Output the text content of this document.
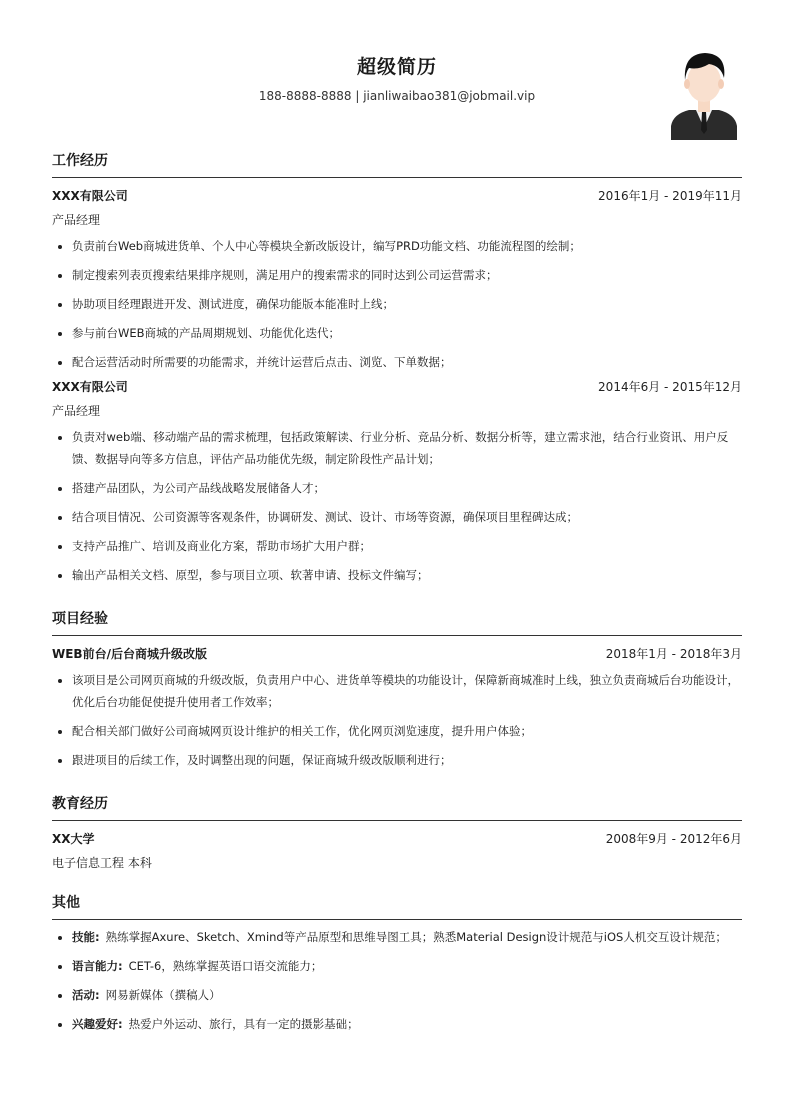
超级简历
188-8888-8888 | jianliwaibao381@jobmail.vip
工作经历
XXX有限公司	2016年1月 - 2019年11月
产品经理
• 负责前台Web商城进货单、个人中心等模块全新改版设计，编写PRD功能文档、功能流程图的绘制；
• 制定搜索列表页搜索结果排序规则，满足用户的搜索需求的同时达到公司运营需求；
• 协助项目经理跟进开发、测试进度，确保功能版本能准时上线；
• 参与前台WEB商城的产品周期规划、功能优化迭代；
• 配合运营活动时所需要的功能需求，并统计运营后点击、浏览、下单数据；
XXX有限公司	2014年6月 - 2015年12月
产品经理
• 负责对web端、移动端产品的需求梳理，包括政策解读、行业分析、竞品分析、数据分析等，建立需求池，结合行业资讯、用户反馈、数据导向等多方信息，评估产品功能优先级，制定阶段性产品计划；
• 搭建产品团队，为公司产品线战略发展储备人才；
• 结合项目情况、公司资源等客观条件，协调研发、测试、设计、市场等资源，确保项目里程碑达成；
• 支持产品推广、培训及商业化方案，帮助市场扩大用户群；
• 输出产品相关文档、原型，参与项目立项、软著申请、投标文件编写；
项目经验
WEB前台/后台商城升级改版	2018年1月 - 2018年3月
• 该项目是公司网页商城的升级改版，负责用户中心、进货单等模块的功能设计，保障新商城准时上线，独立负责商城后台功能设计，优化后台功能促使提升使用者工作效率；
• 配合相关部门做好公司商城网页设计维护的相关工作，优化网页浏览速度，提升用户体验；
• 跟进项目的后续工作，及时调整出现的问题，保证商城升级改版顺利进行；
教育经历
XX大学	2008年9月 - 2012年6月
电子信息工程 本科
其他
• 技能: 熟练掌握Axure、Sketch、Xmind等产品原型和思维导图工具；熟悉Material Design设计规范与iOS人机交互设计规范；
• 语言能力: CET-6，熟练掌握英语口语交流能力；
• 活动: 网易新媒体（撰稿人）
• 兴趣爱好: 热爱户外运动、旅行，具有一定的摄影基础；
